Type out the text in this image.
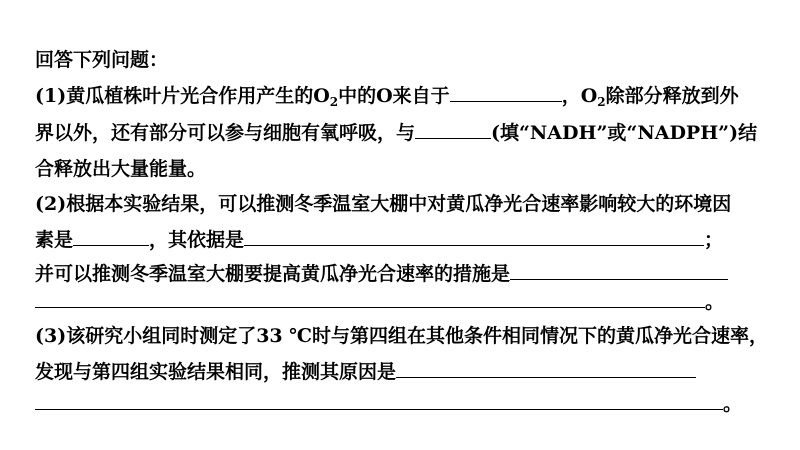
回答下列问题：
(1)黄瓜植株叶片光合作用产生的$O_2$中的O来自于	，$O_2$除部分释放到外
界以外，还有部分可以参与细胞有氧呼吸，与	(填“NADH”或“NADPH”)结
合释放出大量能量。
(2)根据本实验结果，可以推测冬季温室大棚中对黄瓜净光合速率影响较大的环境因
素是	，其依据是	；
并可以推测冬季温室大棚要提高黄瓜净光合速率的措施是
。
(3)该研究小组同时测定了33 ℃时与第四组在其他条件相同情况下的黄瓜净光合速率，
发现与第四组实验结果相同，推测其原因是
。
